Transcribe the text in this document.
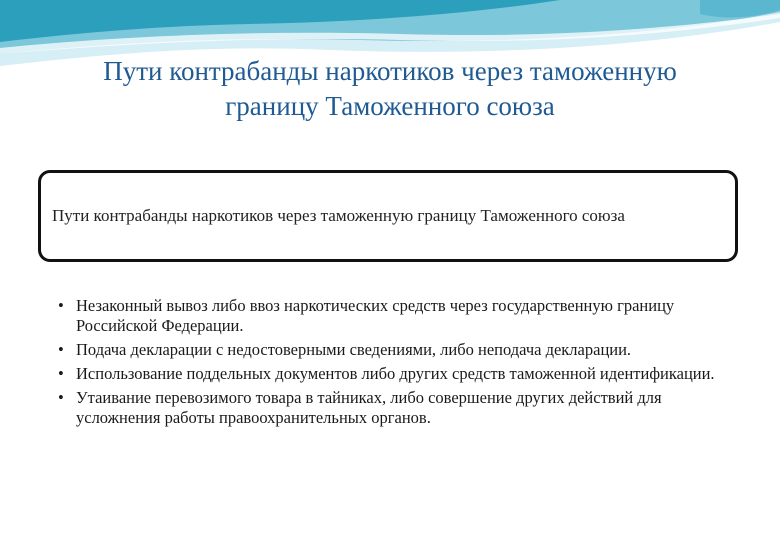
Пути контрабанды наркотиков через таможенную
границу Таможенного союза
Пути контрабанды наркотиков через таможенную границу Таможенного союза
• Незаконный вывоз либо ввоз наркотических средств через государственную границу Российской Федерации.
• Подача декларации с недостоверными сведениями, либо неподача декларации.
• Использование поддельных документов либо других средств таможенной идентификации.
• Утаивание перевозимого товара в тайниках, либо совершение других действий для усложнения работы правоохранительных органов.
